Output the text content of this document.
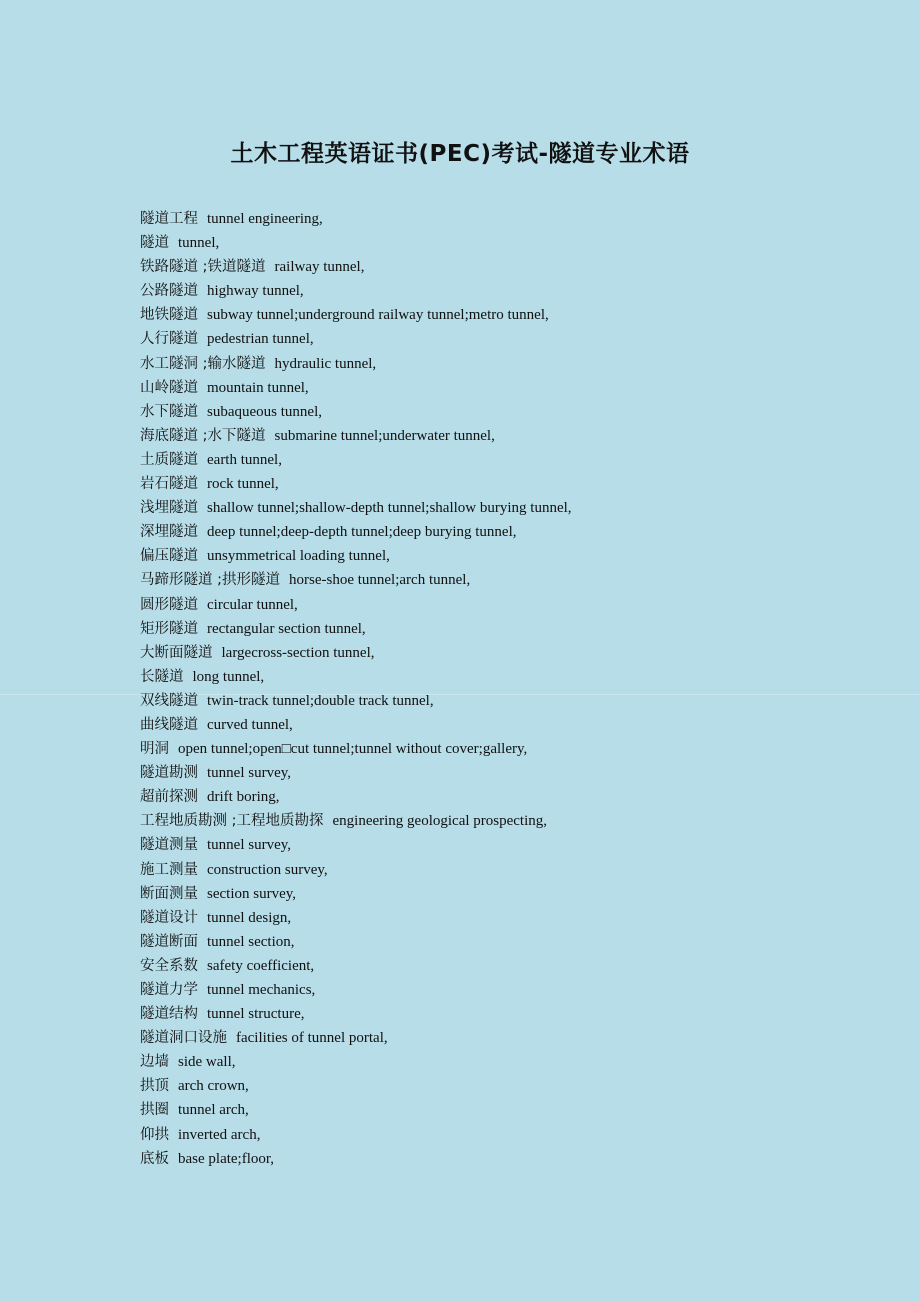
土木工程英语证书(PEC)考试-隧道专业术语
隧道工程 tunnel engineering,
隧道 tunnel,
铁路隧道 ;铁道隧道 railway tunnel,
公路隧道 highway tunnel,
地铁隧道 subway tunnel;underground railway tunnel;metro tunnel,
人行隧道 pedestrian tunnel,
水工隧洞 ;输水隧道 hydraulic tunnel,
山岭隧道 mountain tunnel,
水下隧道 subaqueous tunnel,
海底隧道 ;水下隧道 submarine tunnel;underwater tunnel,
土质隧道 earth tunnel,
岩石隧道 rock tunnel,
浅埋隧道 shallow tunnel;shallow-depth tunnel;shallow burying tunnel,
深埋隧道 deep tunnel;deep-depth tunnel;deep burying tunnel,
偏压隧道 unsymmetrical loading tunnel,
马蹄形隧道 ;拱形隧道 horse-shoe tunnel;arch tunnel,
圆形隧道 circular tunnel,
矩形隧道 rectangular section tunnel,
大断面隧道 largecross-section tunnel,
长隧道 long tunnel,
双线隧道 twin-track tunnel;double track tunnel,
曲线隧道 curved tunnel,
明洞 open tunnel;open□cut tunnel;tunnel without cover;gallery,
隧道勘测 tunnel survey,
超前探测 drift boring,
工程地质勘测 ;工程地质勘探 engineering geological prospecting,
隧道测量 tunnel survey,
施工测量 construction survey,
断面测量 section survey,
隧道设计 tunnel design,
隧道断面 tunnel section,
安全系数 safety coefficient,
隧道力学 tunnel mechanics,
隧道结构 tunnel structure,
隧道洞口设施 facilities of tunnel portal,
边墙 side wall,
拱顶 arch crown,
拱圈 tunnel arch,
仰拱 inverted arch,
底板 base plate;floor,
